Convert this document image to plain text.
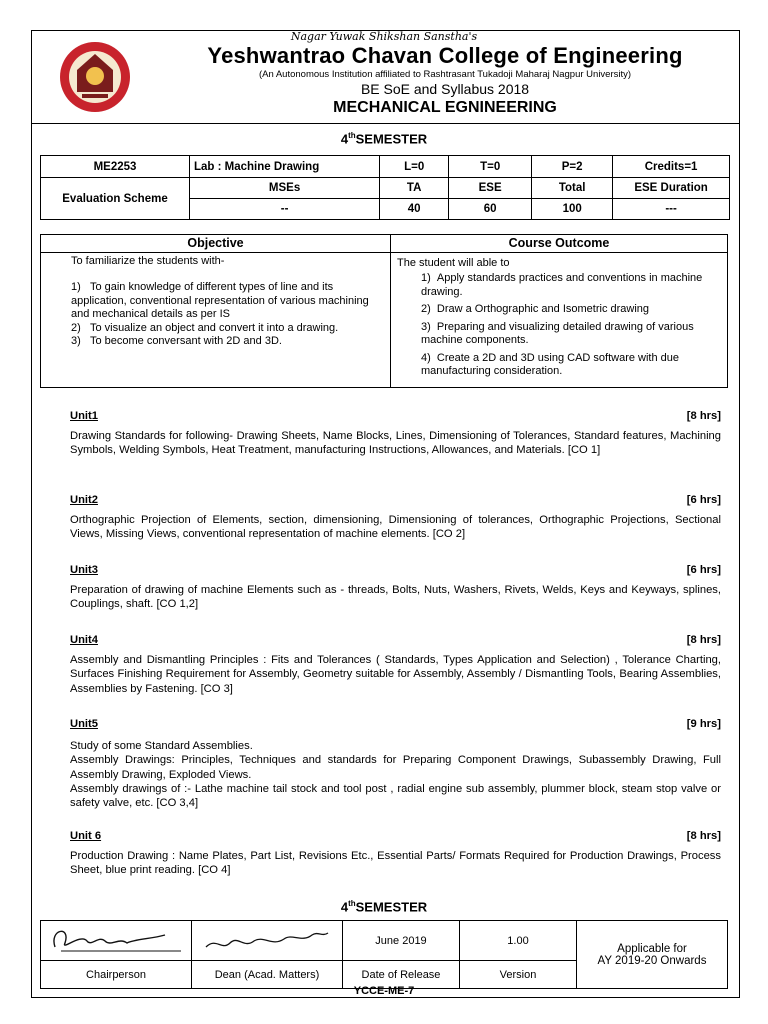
Nagar Yuwak Shikshan Sanstha's
Yeshwantrao Chavan College of Engineering
(An Autonomous Institution affiliated to Rashtrasant Tukadoji Maharaj Nagpur University)
BE SoE and Syllabus 2018
MECHANICAL EGNINEERING
4thSEMESTER
ME2253	Lab : Machine Drawing	L=0	T=0	P=2	Credits=1
Evaluation Scheme	MSEs	TA	ESE	Total	ESE Duration
	--	40	60	100	---
Objective
To familiarize the students with-
1)   To gain knowledge of different types of line and its application, conventional representation of various machining and mechanical details as per IS
2)   To visualize an object and convert it into a drawing.
3)   To become conversant with 2D and 3D.
Course Outcome
The student will able to
1)  Apply standards practices and conventions in machine drawing.
2)  Draw a Orthographic and Isometric drawing
3)  Preparing and visualizing detailed drawing of various machine components.
4)  Create a 2D and 3D using CAD software with due manufacturing consideration.
Unit1	[8 hrs]
Drawing Standards for following- Drawing Sheets, Name Blocks, Lines, Dimensioning of Tolerances, Standard features, Machining Symbols, Welding Symbols, Heat Treatment, manufacturing Instructions, Allowances, and Materials. [CO 1]
Unit2	[6 hrs]
Orthographic Projection of Elements, section, dimensioning, Dimensioning of tolerances, Orthographic Projections, Sectional Views, Missing Views, conventional representation of machine elements. [CO 2]
Unit3	[6 hrs]
Preparation of drawing of machine Elements such as - threads, Bolts, Nuts, Washers, Rivets, Welds, Keys and Keyways, splines, Couplings, shaft. [CO 1,2]
Unit4	[8 hrs]
Assembly and Dismantling Principles : Fits and Tolerances ( Standards, Types Application and Selection) , Tolerance Charting, Surfaces Finishing Requirement for Assembly, Geometry suitable for Assembly, Assembly / Dismantling Tools, Bearing Assemblies, Assemblies by Fastening. [CO 3]
Unit5	[9 hrs]
Study of some Standard Assemblies.
Assembly Drawings: Principles, Techniques and standards for Preparing Component Drawings, Subassembly Drawing, Full Assembly Drawing, Exploded Views.
Assembly drawings of :- Lathe machine tail stock and tool post , radial engine sub assembly, plummer block, steam stop valve or safety valve, etc. [CO 3,4]
Unit 6	[8 hrs]
Production Drawing : Name Plates, Part List, Revisions Etc., Essential Parts/ Formats Required for Production Drawings, Process Sheet, blue print reading. [CO 4]
4thSEMESTER
		June 2019	1.00	Applicable for
AY 2019-20 Onwards
Chairperson	Dean (Acad. Matters)	Date of Release	Version	
YCCE-ME-7
